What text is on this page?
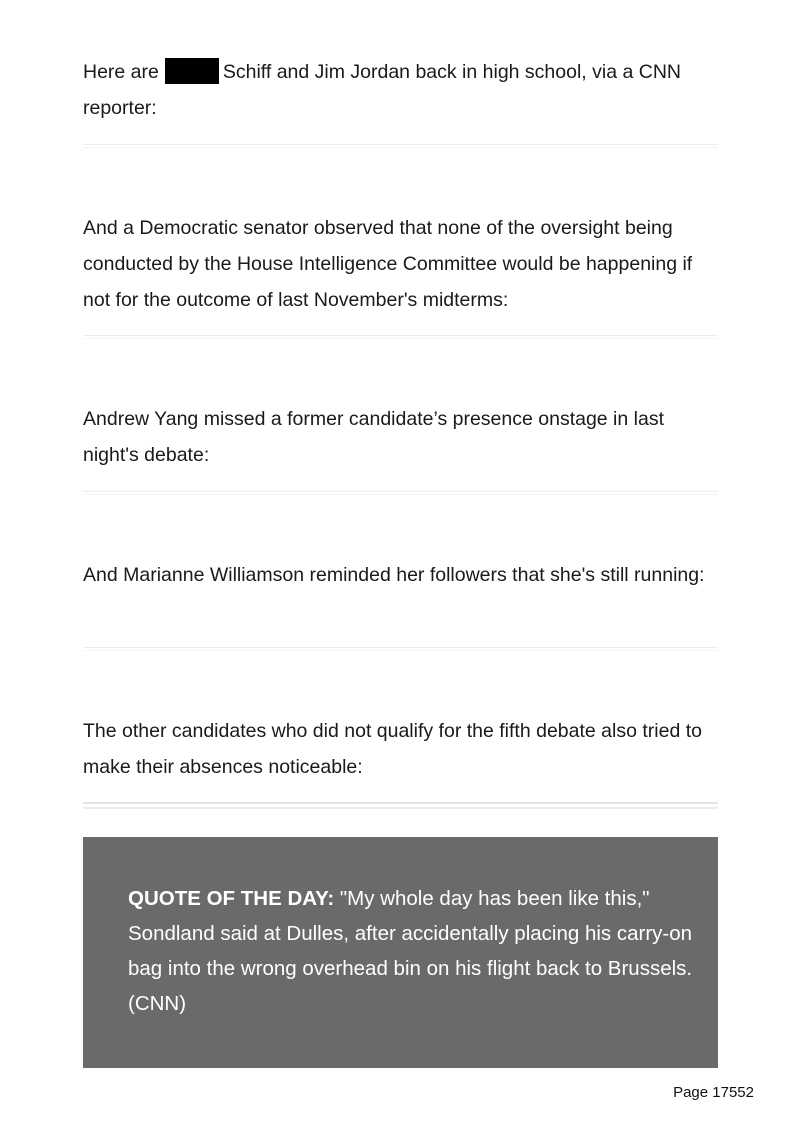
Here are	Schiff and Jim Jordan back in high school, via a CNN reporter:

And a Democratic senator observed that none of the oversight being conducted by the House Intelligence Committee would be happening if not for the outcome of last November's midterms:

Andrew Yang missed a former candidate’s presence onstage in last night's debate:

And Marianne Williamson reminded her followers that she's still running:

The other candidates who did not qualify for the fifth debate also tried to make their absences noticeable:

QUOTE OF THE DAY: "My whole day has been like this," Sondland said at Dulles, after accidentally placing his carry-on bag into the wrong overhead bin on his flight back to Brussels. (CNN)

Page 17552
